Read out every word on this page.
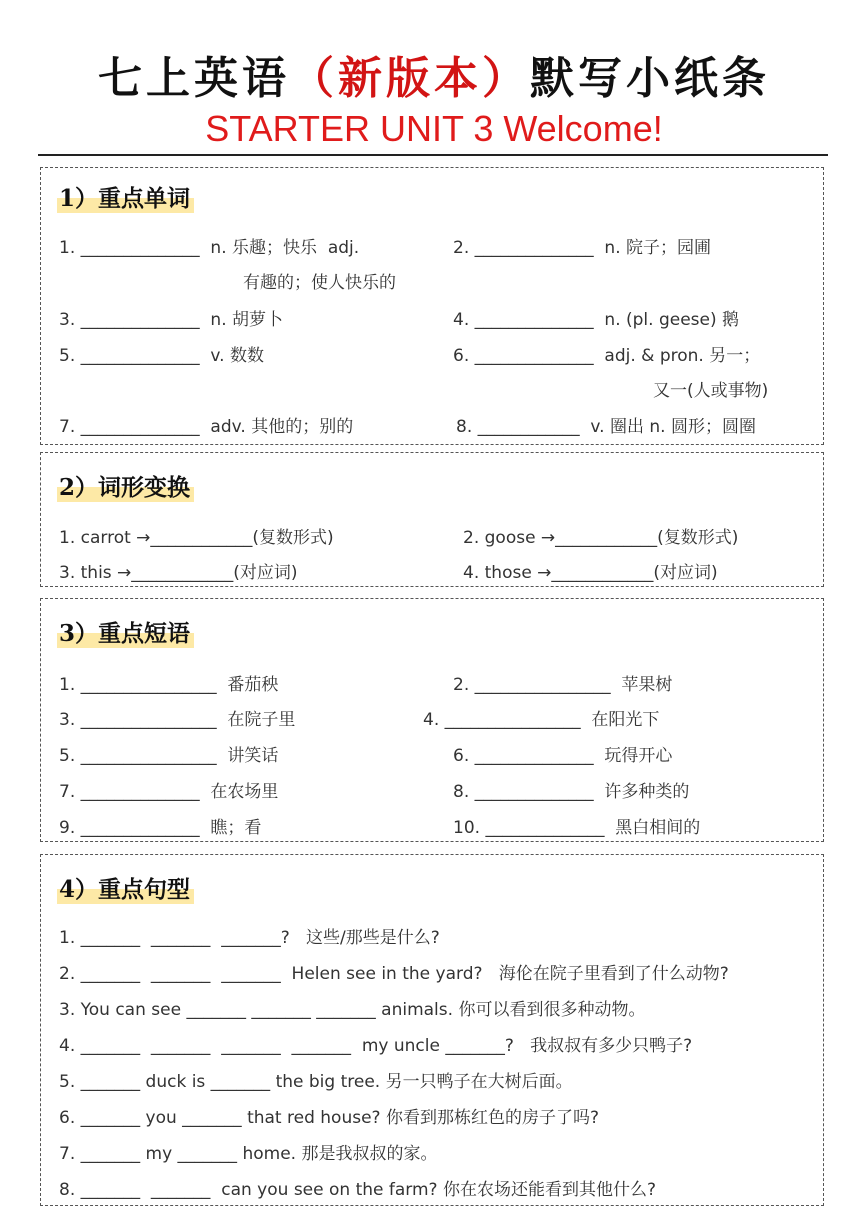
七上英语（新版本）默写小纸条
STARTER UNIT 3 Welcome!
1）重点单词
1. ______________  n. 乐趣；快乐  adj.	2. ______________  n. 院子；园圃
有趣的；使人快乐的
3. ______________  n. 胡萝卜	4. ______________  n. (pl. geese) 鹅
5. ______________  v. 数数	6. ______________  adj. & pron. 另一；
又一(人或事物)
7. ______________  adv. 其他的；别的	8. ____________  v. 圈出 n. 圆形；圆圈
2）词形变换
1. carrot →____________(复数形式)	2. goose →____________(复数形式)
3. this →____________(对应词)	4. those →____________(对应词)
3）重点短语
1. ________________  番茄秧	2. ________________  苹果树
3. ________________  在院子里	4. ________________  在阳光下
5. ________________  讲笑话	6. ______________  玩得开心
7. ______________  在农场里	8. ______________  许多种类的
9. ______________  瞧；看	10. ______________  黑白相间的
4）重点句型
1. _______  _______  _______?   这些/那些是什么?
2. _______  _______  _______  Helen see in the yard?   海伦在院子里看到了什么动物?
3. You can see _______ _______ _______ animals. 你可以看到很多种动物。
4. _______  _______  _______  _______  my uncle _______?   我叔叔有多少只鸭子?
5. _______ duck is _______ the big tree. 另一只鸭子在大树后面。
6. _______ you _______ that red house? 你看到那栋红色的房子了吗?
7. _______ my _______ home. 那是我叔叔的家。
8. _______  _______  can you see on the farm? 你在农场还能看到其他什么?
